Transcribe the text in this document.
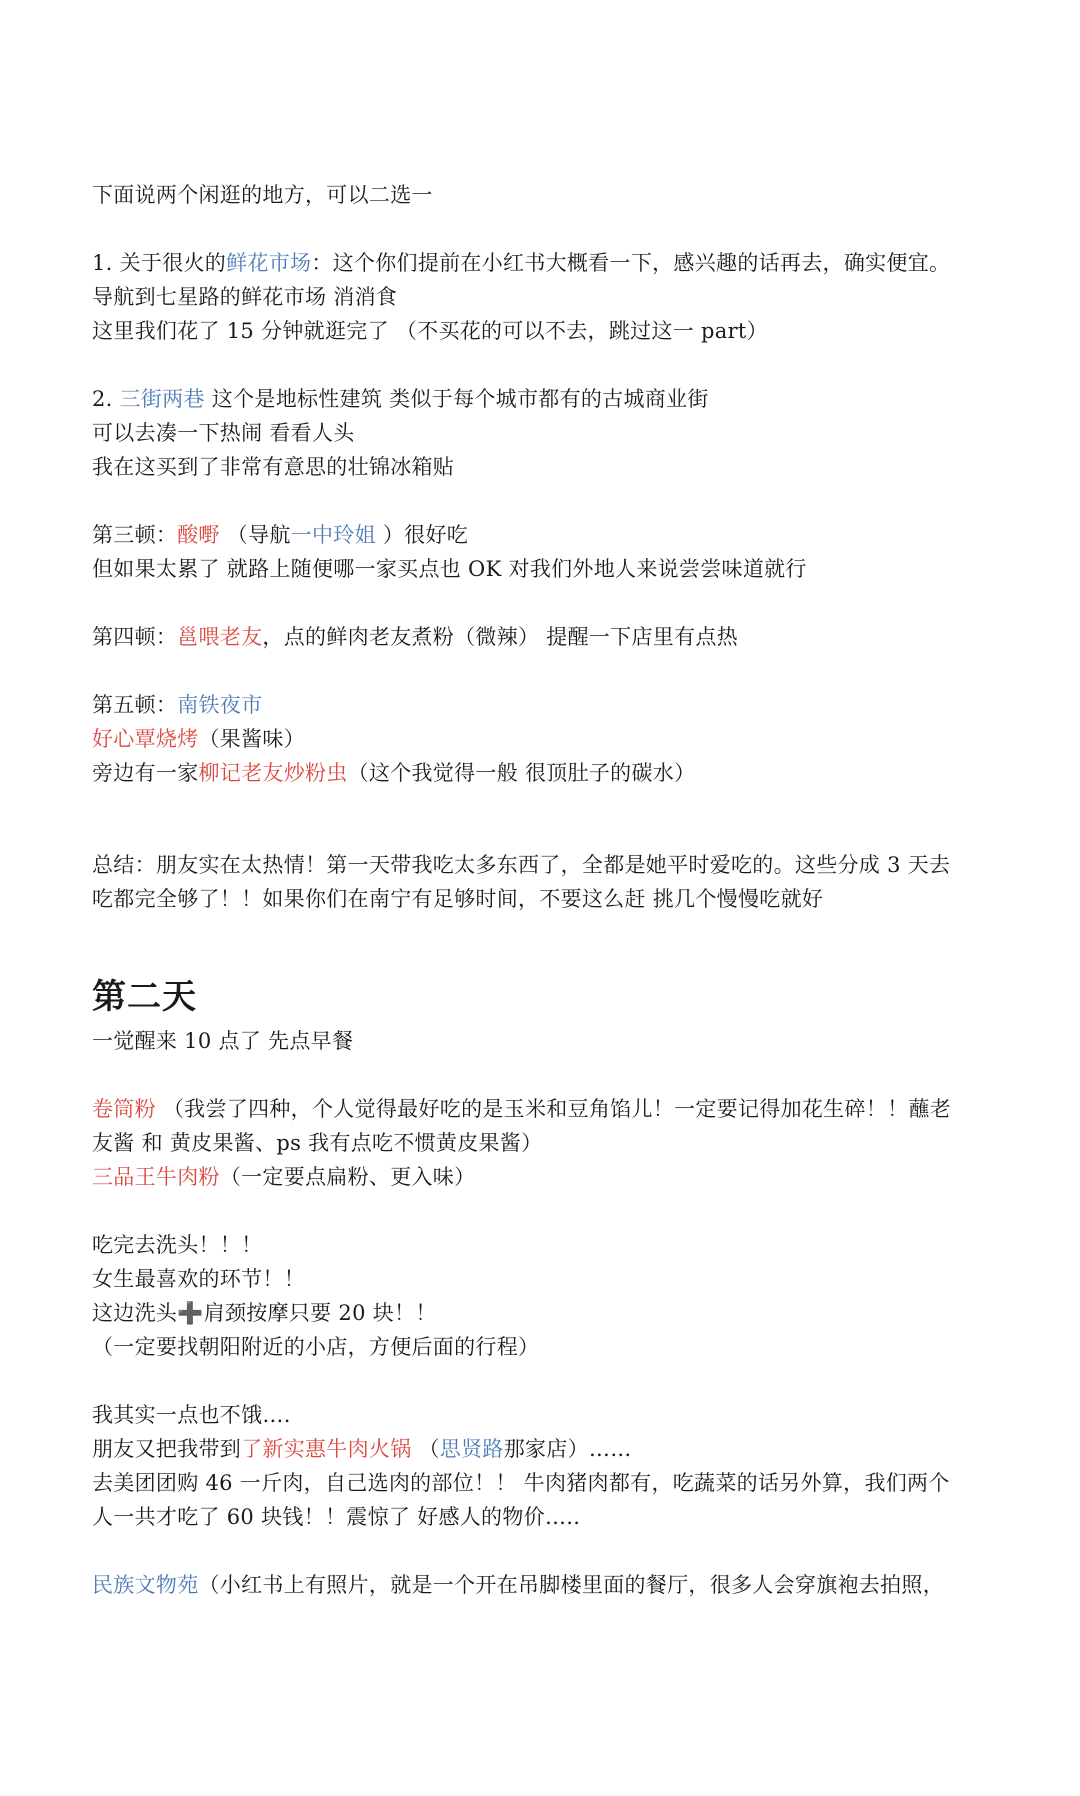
下面说两个闲逛的地方，可以二选一
1. 关于很火的鲜花市场：这个你们提前在小红书大概看一下，感兴趣的话再去，确实便宜。
导航到七星路的鲜花市场 消消食
这里我们花了 15 分钟就逛完了 （不买花的可以不去，跳过这一 part）
2. 三街两巷 这个是地标性建筑 类似于每个城市都有的古城商业街
可以去凑一下热闹 看看人头
我在这买到了非常有意思的壮锦冰箱贴
第三顿：酸嘢 （导航一中玲姐 ）很好吃
但如果太累了 就路上随便哪一家买点也 OK 对我们外地人来说尝尝味道就行
第四顿：邕喂老友，点的鲜肉老友煮粉（微辣） 提醒一下店里有点热
第五顿：南铁夜市
好心覃烧烤（果酱味）
旁边有一家柳记老友炒粉虫（这个我觉得一般 很顶肚子的碳水）
总结：朋友实在太热情！第一天带我吃太多东西了，全都是她平时爱吃的。这些分成 3 天去
吃都完全够了！！如果你们在南宁有足够时间，不要这么赶 挑几个慢慢吃就好
第二天
一觉醒来 10 点了 先点早餐
卷筒粉 （我尝了四种，个人觉得最好吃的是玉米和豆角馅儿！一定要记得加花生碎！！蘸老
友酱 和 黄皮果酱、ps 我有点吃不惯黄皮果酱）
三品王牛肉粉（一定要点扁粉、更入味）
吃完去洗头！！！
女生最喜欢的环节！！
这边洗头➕肩颈按摩只要 20 块！！
（一定要找朝阳附近的小店，方便后面的行程）
我其实一点也不饿….
朋友又把我带到了新实惠牛肉火锅 （思贤路那家店）……
去美团团购 46 一斤肉，自己选肉的部位！！ 牛肉猪肉都有，吃蔬菜的话另外算，我们两个
人一共才吃了 60 块钱！！震惊了 好感人的物价…..
民族文物苑（小红书上有照片，就是一个开在吊脚楼里面的餐厅，很多人会穿旗袍去拍照，
